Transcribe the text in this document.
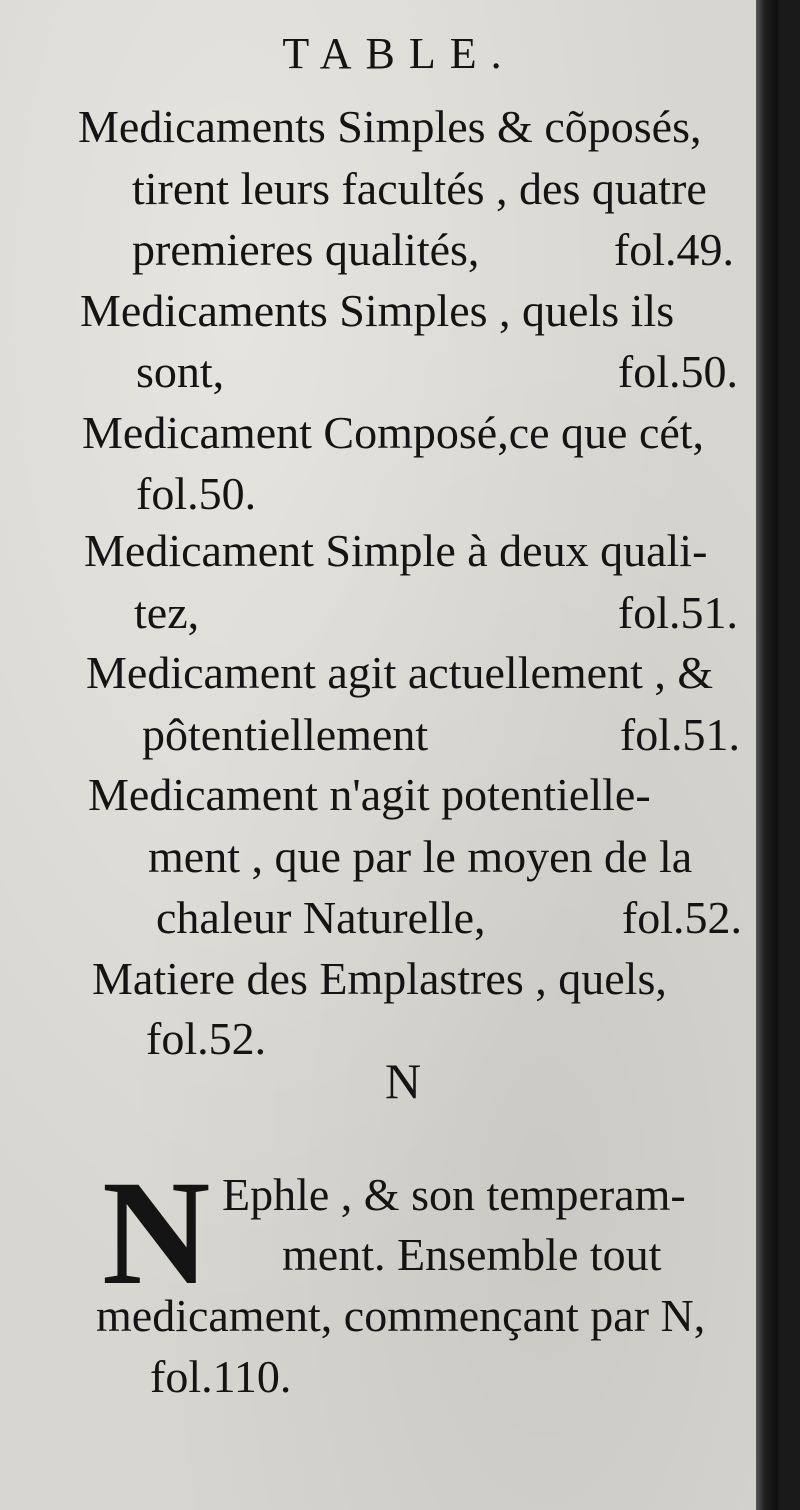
TABLE.
Medicaments Simples & cõposés,
tirent leurs facultés , des quatre
premieres qualités,	fol.49.
Medicaments Simples , quels ils
sont,	fol.50.
Medicament Composé,ce que cét,
fol.50.
Medicament Simple à deux quali-
tez,	fol.51.
Medicament agit actuellement , &
pôtentiellement	fol.51.
Medicament n'agit potentielle-
ment , que par le moyen de la
chaleur Naturelle,	fol.52.
Matiere des Emplastres , quels,
fol.52.
N
N Ephle , & son temperam-
ment. Ensemble tout
medicament, commençant par N,
fol.110.
